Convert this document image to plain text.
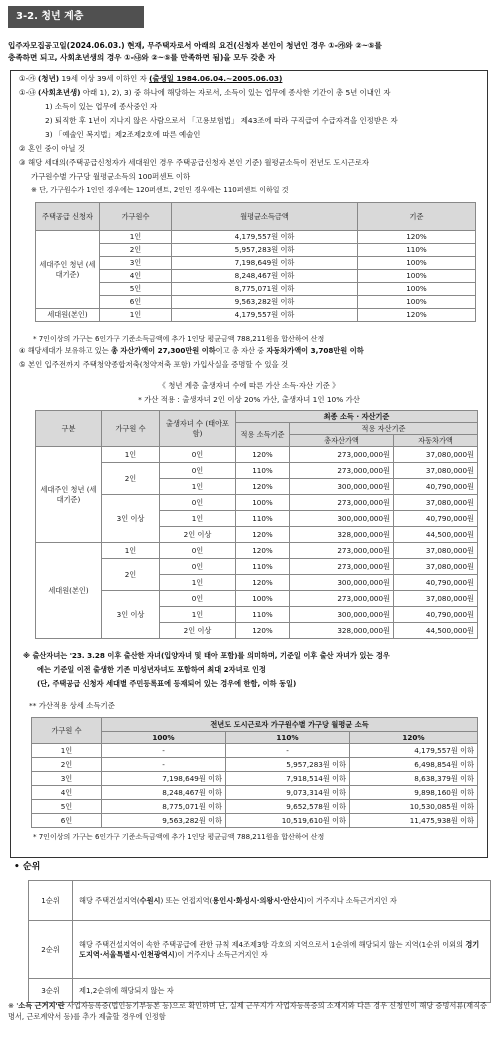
3-2. 청년 계층
입주자모집공고일(2024.06.03.) 현재, 무주택자로서 아래의 요건(신청자 본인이 청년인 경우 ①-㉮와 ②~⑤를
충족하면 되고, 사회초년생의 경우 ①-㉯와 ②~⑤를 만족하면 됨)을 모두 갖춘 자
①-㉮ (청년) 19세 이상 39세 이하인 자 (출생일 1984.06.04.~2005.06.03)
①-㉯ (사회초년생) 아래 1), 2), 3) 중 하나에 해당하는 자로서, 소득이 있는 업무에 종사한 기간이 총 5년 이내인 자
1) 소득이 있는 업무에 종사중인 자
2) 퇴직한 후 1년이 지나지 않은 사람으로서 「고용보험법」 제43조에 따라 구직급여 수급자격을 인정받은 자
3) 「예술인 복지법」제2조제2호에 따른 예술인
② 혼인 중이 아닐 것
③ 해당 세대의(주택공급신청자가 세대원인 경우 주택공급신청자 본인 기준) 월평균소득이 전년도 도시근로자
가구원수별 가구당 월평균소득의 100퍼센트 이하
※ 단, 가구원수가 1인인 경우에는 120퍼센트, 2인인 경우에는 110퍼센트 이하일 것
주택공급 신청자	가구원수	월평균소득금액	기준
세대주인 청년 (세대기준)	1인	4,179,557원 이하	120%
	2인	5,957,283원 이하	110%
	3인	7,198,649원 이하	100%
	4인	8,248,467원 이하	100%
	5인	8,775,071원 이하	100%
	6인	9,563,282원 이하	100%
세대원(본인)	1인	4,179,557원 이하	120%
* 7인이상의 가구는 6인가구 기준소득금액에 추가 1인당 평균금액 788,211원을 합산하여 산정
④ 해당세대가 보유하고 있는 총 자산가액이 27,300만원 이하이고 총 자산 중 자동차가액이 3,708만원 이하
⑤ 본인 입주전까지 주택청약종합저축(청약저축 포함) 가입사실을 증명할 수 있을 것
《 청년 계층 출생자녀 수에 따른 가산 소득·자산 기준 》
* 가산 적용 : 출생자녀 2인 이상 20% 가산, 출생자녀 1인 10% 가산
구분	가구원 수	출생자녀 수 (태아포함)	최종 소득 · 자산기준		
			적용 소득기준	적용 자산기준	
				총자산가액	자동차가액
세대주인 청년 (세대기준)	1인	0인	120%	273,000,000원	37,080,000원
	2인	0인	110%	273,000,000원	37,080,000원
		1인	120%	300,000,000원	40,790,000원
	3인 이상	0인	100%	273,000,000원	37,080,000원
		1인	110%	300,000,000원	40,790,000원
		2인 이상	120%	328,000,000원	44,500,000원
세대원(본인)	1인	0인	120%	273,000,000원	37,080,000원
	2인	0인	110%	273,000,000원	37,080,000원
		1인	120%	300,000,000원	40,790,000원
	3인 이상	0인	100%	273,000,000원	37,080,000원
		1인	110%	300,000,000원	40,790,000원
		2인 이상	120%	328,000,000원	44,500,000원
※ 출산자녀는 '23. 3.28 이후 출산한 자녀(입양자녀 및 태아 포함)를 의미하며, 기준일 이후 출산 자녀가 있는 경우
에는 기준일 이전 출생한 기존 미성년자녀도 포함하여 최대 2자녀로 인정
(단, 주택공급 신청자 세대별 주민등록표에 등재되어 있는 경우에 한함, 이하 동일)
** 가산적용 상세 소득기준
가구원 수	전년도 도시근로자 가구원수별 가구당 월평균 소득		
	100%	110%	120%
1인	-	-	4,179,557원 이하
2인	-	5,957,283원 이하	6,498,854원 이하
3인	7,198,649원 이하	7,918,514원 이하	8,638,379원 이하
4인	8,248,467원 이하	9,073,314원 이하	9,898,160원 이하
5인	8,775,071원 이하	9,652,578원 이하	10,530,085원 이하
6인	9,563,282원 이하	10,519,610원 이하	11,475,938원 이하
* 7인이상의 가구는 6인가구 기준소득금액에 추가 1인당 평균금액 788,211원을 합산하여 산정
• 순위
1순위	해당 주택건설지역(수원시) 또는 연접지역(용인시·화성시·의왕시·안산시)이 거주지나 소득근거지인 자
2순위	해당 주택건설지역이 속한 주택공급에 관한 규칙 제4조제3항 각호의 지역으로서 1순위에 해당되지 않는 지역(1순위 이외의 경기도지역·서울특별시·인천광역시)이 거주지나 소득근거지인 자
3순위	제1,2순위에 해당되지 않는 자
※ '소득 근거지'란 사업자등록증(법인등기부등본 등)으로 확인하며 단, 실제 근무지가 사업자등록증의 소재지와 다른 경우 신청인이 해당 증빙서류(재직증명서, 근로계약서 등)를 추가 제출할 경우에 인정함
